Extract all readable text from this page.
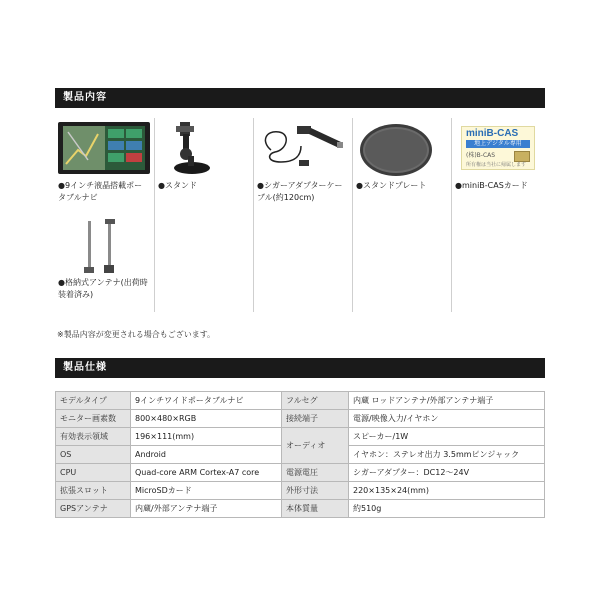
製品内容
●9インチ液晶搭載ポータブルナビ
●スタンド	●シガーアダプターケーブル(約120cm)
●スタンドプレート
miniB-CAS
地上デジタル専用
(株)B-CAS
所有権は当社に帰属します
●miniB-CASカード
●格納式アンテナ(出荷時装着済み)
※製品内容が変更される場合もございます。
製品仕様
モデルタイプ	9インチワイドポータブルナビ	フルセグ	内蔵 ロッドアンテナ/外部アンテナ端子
モニター画素数	800×480×RGB	接続端子	電源/映像入力/イヤホン
有効表示領域	196×111(mm)	オーディオ	スピーカー/1W
OS	Android		イヤホン：ステレオ出力 3.5mmピンジャック
CPU	Quad-core ARM Cortex-A7 core	電源電圧	シガーアダプター：DC12～24V
拡張スロット	MicroSDカード	外形寸法	220×135×24(mm)
GPSアンテナ	内蔵/外部アンテナ端子	本体質量	約510g
